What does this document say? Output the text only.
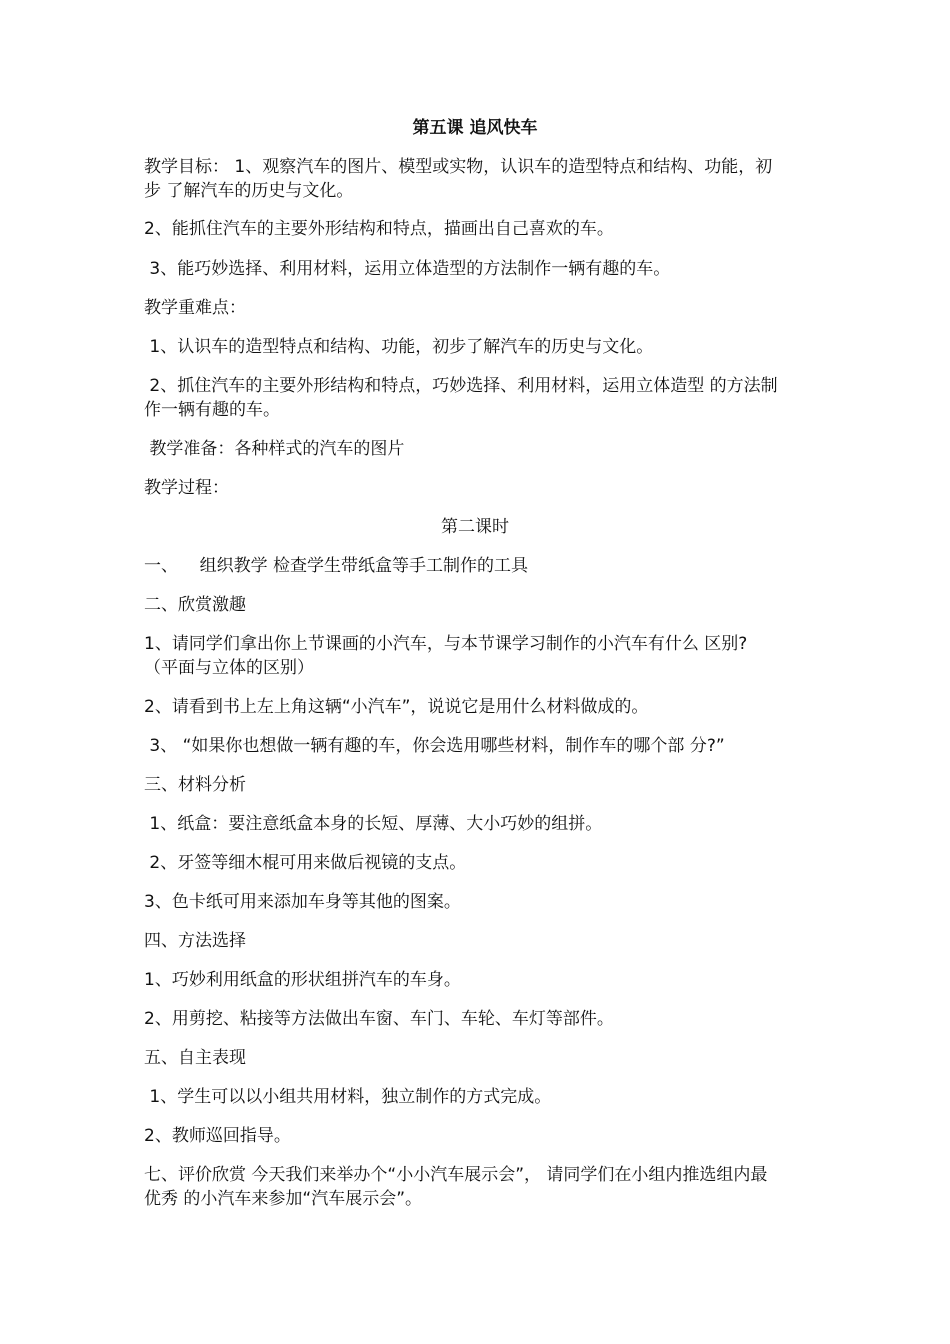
第五课 追风快车
教学目标： 1、观察汽车的图片、模型或实物，认识车的造型特点和结构、功能，初
步 了解汽车的历史与文化。
2、能抓住汽车的主要外形结构和特点，描画出自己喜欢的车。
3、能巧妙选择、利用材料，运用立体造型的方法制作一辆有趣的车。
教学重难点：
1、认识车的造型特点和结构、功能，初步了解汽车的历史与文化。
2、抓住汽车的主要外形结构和特点，巧妙选择、利用材料，运用立体造型 的方法制
作一辆有趣的车。
教学准备：各种样式的汽车的图片
教学过程：
第二课时
一、    组织教学 检查学生带纸盒等手工制作的工具
二、欣赏激趣
1、请同学们拿出你上节课画的小汽车，与本节课学习制作的小汽车有什么 区别?
（平面与立体的区别）
2、请看到书上左上角这辆“小汽车”，说说它是用什么材料做成的。
3、 “如果你也想做一辆有趣的车，你会选用哪些材料，制作车的哪个部 分?”
三、材料分析
1、纸盒：要注意纸盒本身的长短、厚薄、大小巧妙的组拼。
2、牙签等细木棍可用来做后视镜的支点。
3、色卡纸可用来添加车身等其他的图案。
四、方法选择
1、巧妙利用纸盒的形状组拼汽车的车身。
2、用剪挖、粘接等方法做出车窗、车门、车轮、车灯等部件。
五、自主表现
1、学生可以以小组共用材料，独立制作的方式完成。
2、教师巡回指导。
七、评价欣赏 今天我们来举办个“小小汽车展示会”， 请同学们在小组内推选组内最
优秀 的小汽车来参加“汽车展示会”。
